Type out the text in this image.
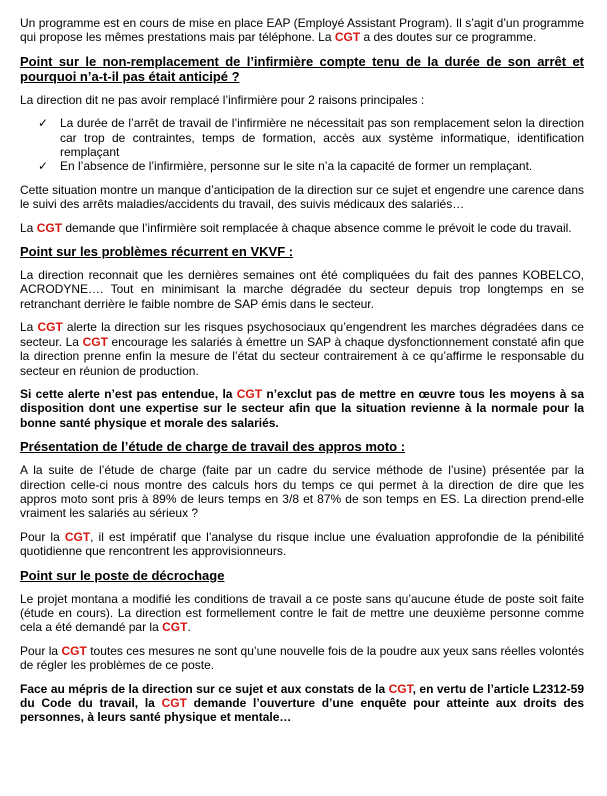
Un programme est en cours de mise en place EAP (Employé Assistant Program). Il s’agit d’un programme qui propose les mêmes prestations mais par téléphone. La CGT a des doutes sur ce programme.

Point sur le non-remplacement de l’infirmière compte tenu de la durée de son arrêt et pourquoi n’a-t-il pas était anticipé ?

La direction dit ne pas avoir remplacé l’infirmière pour 2 raisons principales :

✓ La durée de l’arrêt de travail de l’infirmière ne nécessitait pas son remplacement selon la direction car trop de contraintes, temps de formation, accès aux système informatique, identification remplaçant
✓ En l’absence de l’infirmière, personne sur le site n’a la capacité de former un remplaçant.

Cette situation montre un manque d’anticipation de la direction sur ce sujet et engendre une carence dans le suivi des arrêts maladies/accidents du travail, des suivis médicaux des salariés…

La CGT demande que l’infirmière soit remplacée à chaque absence comme le prévoit le code du travail.

Point sur les problèmes récurrent en VKVF :

La direction reconnait que les dernières semaines ont été compliquées du fait des pannes KOBELCO, ACRODYNE…. Tout en minimisant la marche dégradée du secteur depuis trop longtemps en se retranchant derrière le faible nombre de SAP émis dans le secteur.

La CGT alerte la direction sur les risques psychosociaux qu’engendrent les marches dégradées dans ce secteur. La CGT encourage les salariés à émettre un SAP à chaque dysfonctionnement constaté afin que la direction prenne enfin la mesure de l’état du secteur contrairement à ce qu’affirme le responsable du secteur en réunion de production.

Si cette alerte n’est pas entendue, la CGT n’exclut pas de mettre en œuvre tous les moyens à sa disposition dont une expertise sur le secteur afin que la situation revienne à la normale pour la bonne santé physique et morale des salariés.

Présentation de l’étude de charge de travail des appros moto :

A la suite de l’étude de charge (faite par un cadre du service méthode de l’usine) présentée par la direction celle-ci nous montre des calculs hors du temps ce qui permet à la direction de dire que les appros moto sont pris à 89% de leurs temps en 3/8 et 87% de son temps en ES. La direction prend-elle vraiment les salariés au sérieux ?

Pour la CGT, il est impératif que l’analyse du risque inclue une évaluation approfondie de la pénibilité quotidienne que rencontrent les approvisionneurs.

Point sur le poste de décrochage

Le projet montana a modifié les conditions de travail a ce poste sans qu’aucune étude de poste soit faite (étude en cours). La direction est formellement contre le fait de mettre une deuxième personne comme cela a été demandé par la CGT.

Pour la CGT toutes ces mesures ne sont qu’une nouvelle fois de la poudre aux yeux sans réelles volontés de régler les problèmes de ce poste.

Face au mépris de la direction sur ce sujet et aux constats de la CGT, en vertu de l’article L2312-59 du Code du travail, la CGT demande l’ouverture d’une enquête pour atteinte aux droits des personnes, à leurs santé physique et mentale…
